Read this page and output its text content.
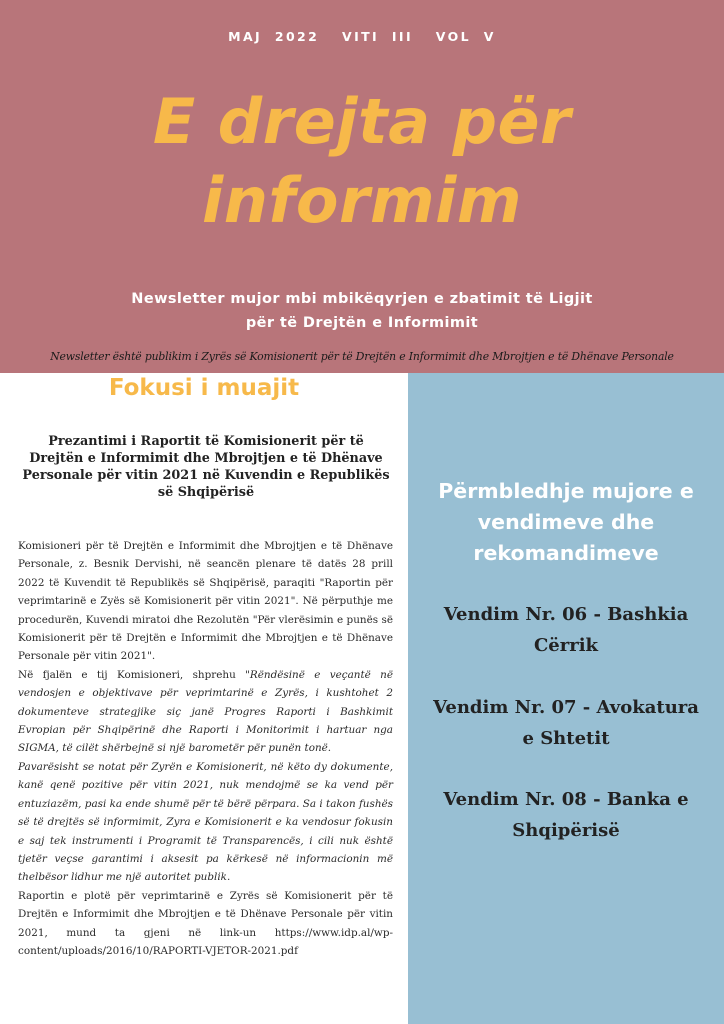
MAJ 2022 VITI III VOL V
E drejta për
informim
Newsletter mujor mbi mbikëqyrjen e zbatimit të Ligjit
për të Drejtën e Informimit
Newsletter është publikim i Zyrës së Komisionerit për të Drejtën e Informimit dhe Mbrojtjen e të Dhënave Personale
Fokusi i muajit
Prezantimi i Raportit të Komisionerit për të Drejtën e Informimit dhe Mbrojtjen e të Dhënave Personale për vitin 2021 në Kuvendin e Republikës së Shqipërisë

Komisioneri për të Drejtën e Informimit dhe Mbrojtjen e të Dhënave Personale, z. Besnik Dervishi, në seancën plenare të datës 28 prill 2022 të Kuvendit të Republikës së Shqipërisë, paraqiti "Raportin për veprimtarinë e Zyës së Komisionerit për vitin 2021". Në përputhje me procedurën, Kuvendi miratoi dhe Rezolutën "Për vlerësimin e punës së Komisionerit për të Drejtën e Informimit dhe Mbrojtjen e të Dhënave Personale për vitin 2021".

Në fjalën e tij Komisioneri, shprehu "Rëndësinë e veçantë në vendosjen e objektivave për veprimtarinë e Zyrës, i kushtohet 2 dokumenteve strategjike siç janë Progres Raporti i Bashkimit Evropian për Shqipërinë dhe Raporti i Monitorimit i hartuar nga SIGMA, të cilët shërbejnë si një barometër për punën tonë.

Pavarësisht se notat për Zyrën e Komisionerit, në këto dy dokumente, kanë qenë pozitive për vitin 2021, nuk mendojmë se ka vend për entuziazëm, pasi ka ende shumë për të bërë përpara. Sa i takon fushës së të drejtës së informimit, Zyra e Komisionerit e ka vendosur fokusin e saj tek instrumenti i Programit të Transparencës, i cili nuk është tjetër veçse garantimi i aksesit pa kërkesë në informacionin më thelbësor lidhur me një autoritet publik.

Raportin e plotë për veprimtarinë e Zyrës së Komisionerit për të Drejtën e Informimit dhe Mbrojtjen e të Dhënave Personale për vitin 2021, mund ta gjeni në link-un https://www.idp.al/wp-content/uploads/2016/10/RAPORTI-VJETOR-2021.pdf

Përmbledhje mujore e vendimeve dhe rekomandimeve
Vendim Nr. 06 - Bashkia Cërrik
Vendim Nr. 07 - Avokatura e Shtetit
Vendim Nr. 08 - Banka e Shqipërisë
